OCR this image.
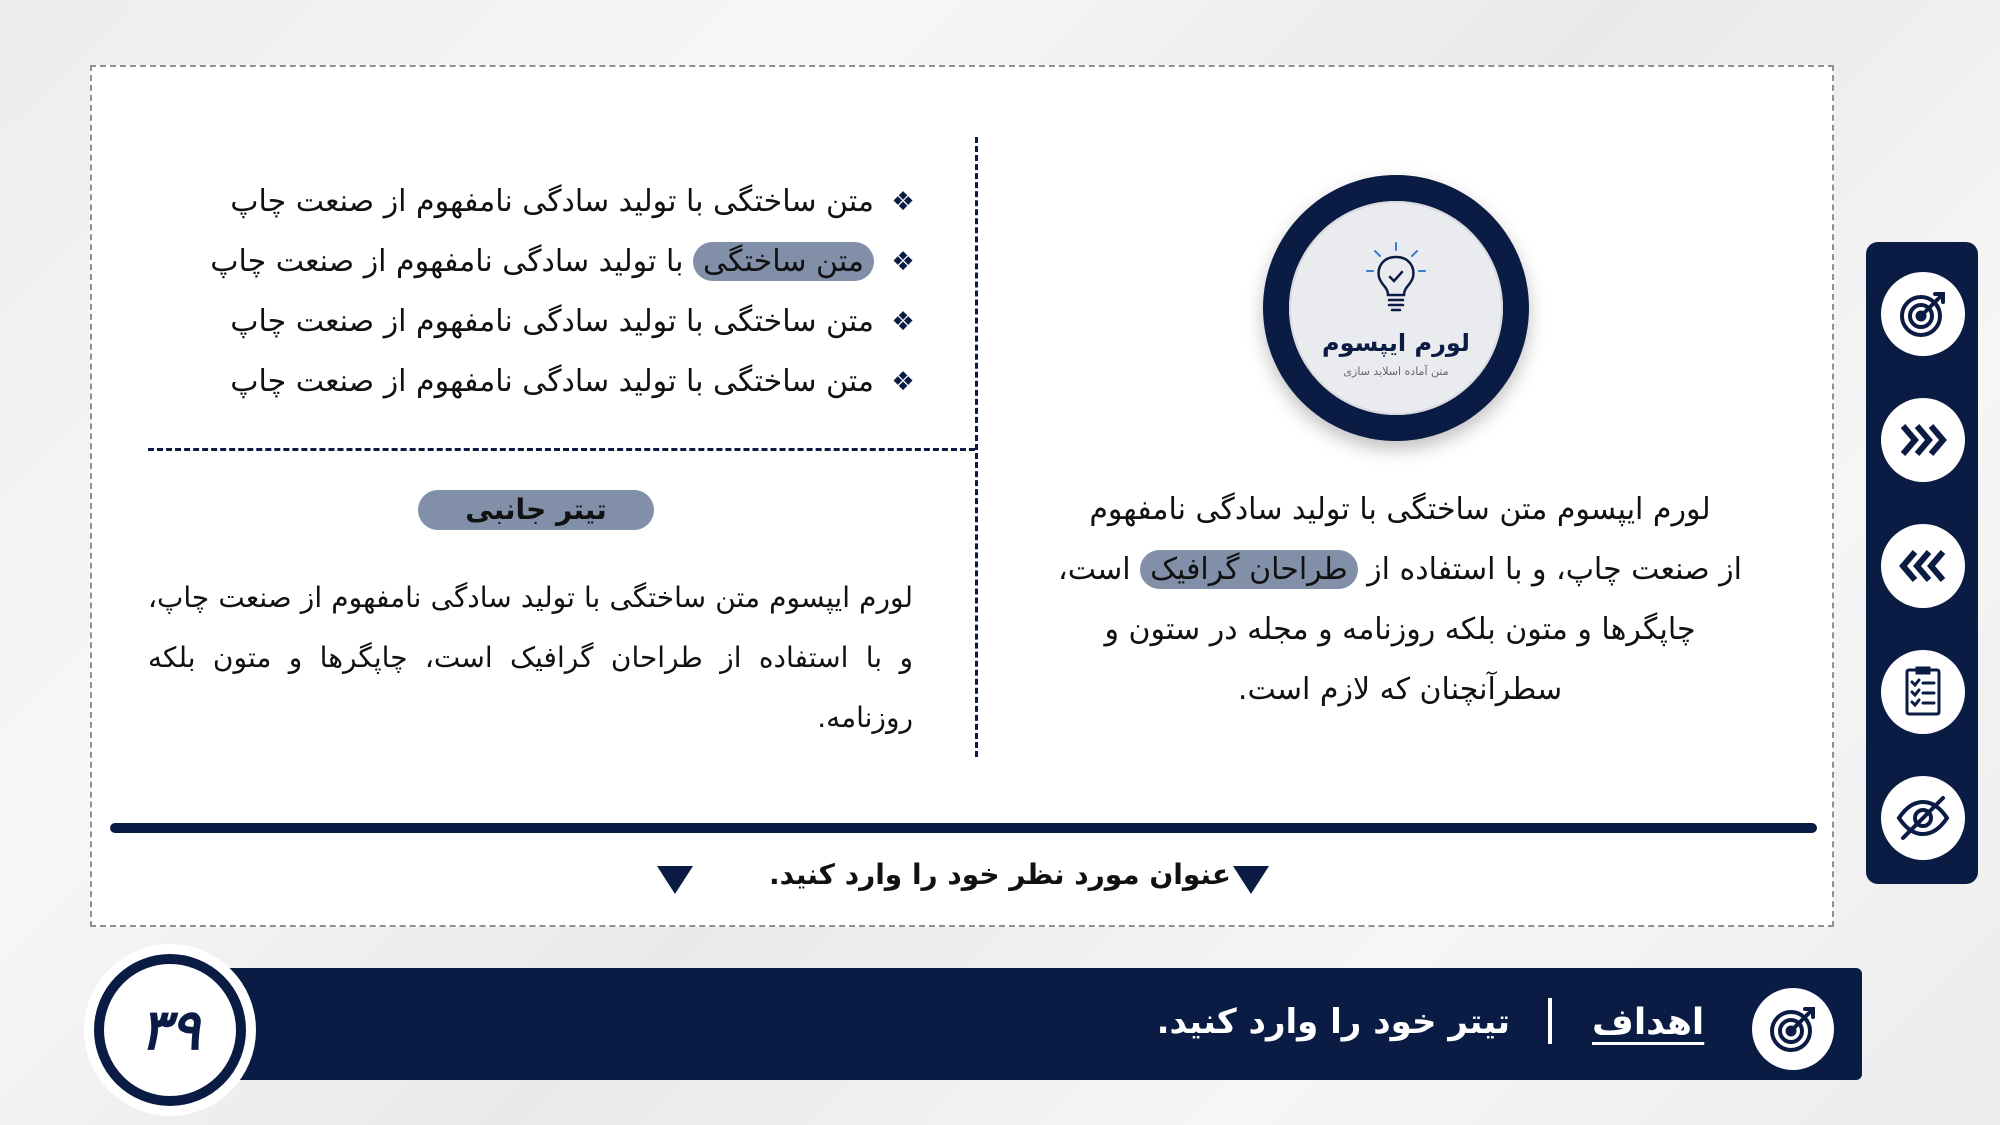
❖
متن ساختگی با تولید سادگی نامفهوم از صنعت چاپ
❖
متن ساختگی با تولید سادگی نامفهوم از صنعت چاپ
❖
متن ساختگی با تولید سادگی نامفهوم از صنعت چاپ
❖
متن ساختگی با تولید سادگی نامفهوم از صنعت چاپ
تیتر جانبی
لورم ایپسوم متن ساختگی با تولید سادگی نامفهوم از صنعت چاپ، و با استفاده از طراحان گرافیک است، چاپگرها و متون بلکه روزنامه.
لورم ایپسوم
متن آماده اسلاید سازی
لورم ایپسوم متن ساختگی با تولید سادگی نامفهوم
از صنعت چاپ، و با استفاده از طراحان گرافیک است،
چاپگرها و متون بلکه روزنامه و مجله در ستون و
سطرآنچنان که لازم است.
عنوان مورد نظر خود را وارد کنید.
اهداف
تیتر خود را وارد کنید.
۳۹
